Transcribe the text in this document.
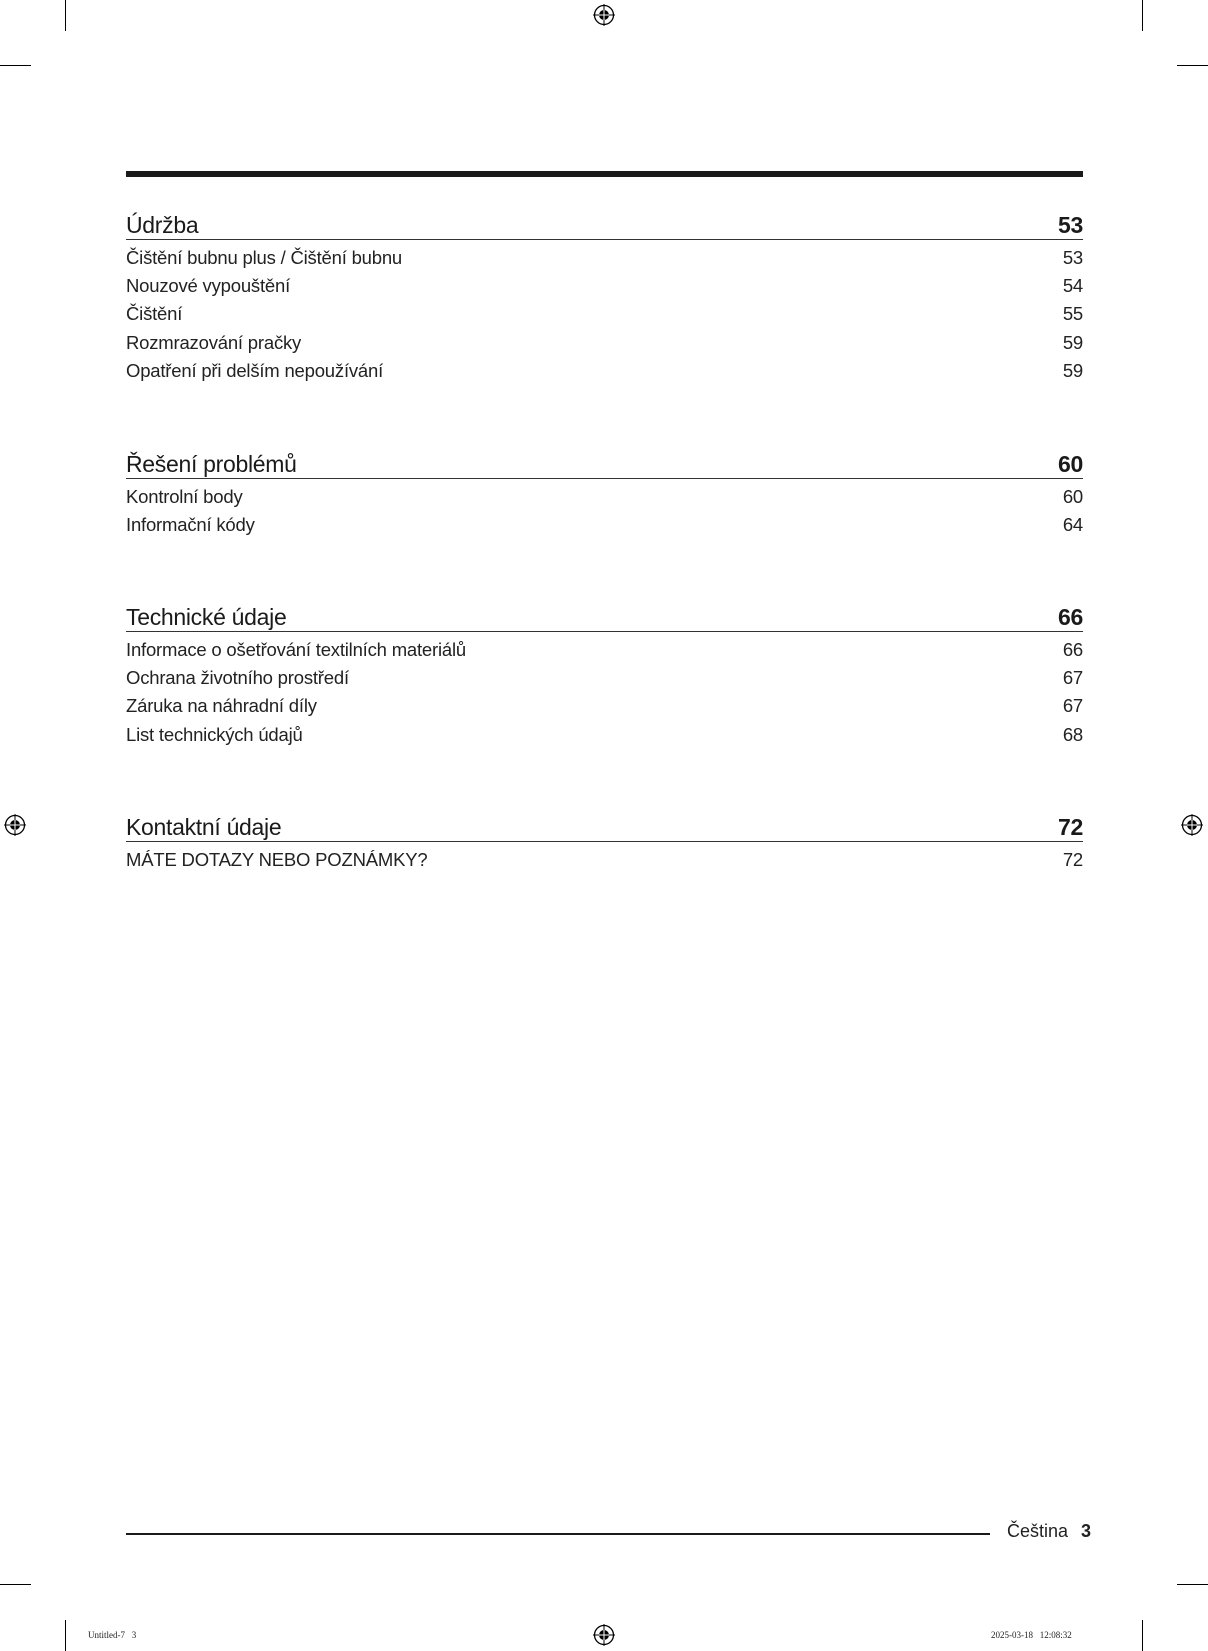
Údržba	53
Čištění bubnu plus / Čištění bubnu	53
Nouzové vypouštění	54
Čištění	55
Rozmrazování pračky	59
Opatření při delším nepoužívání	59
Řešení problémů	60
Kontrolní body	60
Informační kódy	64
Technické údaje	66
Informace o ošetřování textilních materiálů	66
Ochrana životního prostředí	67
Záruka na náhradní díly	67
List technických údajů	68
Kontaktní údaje	72
MÁTE DOTAZY NEBO POZNÁMKY?	72
Čeština 3
Untitled-7   3	2025-03-18   12:08:32
